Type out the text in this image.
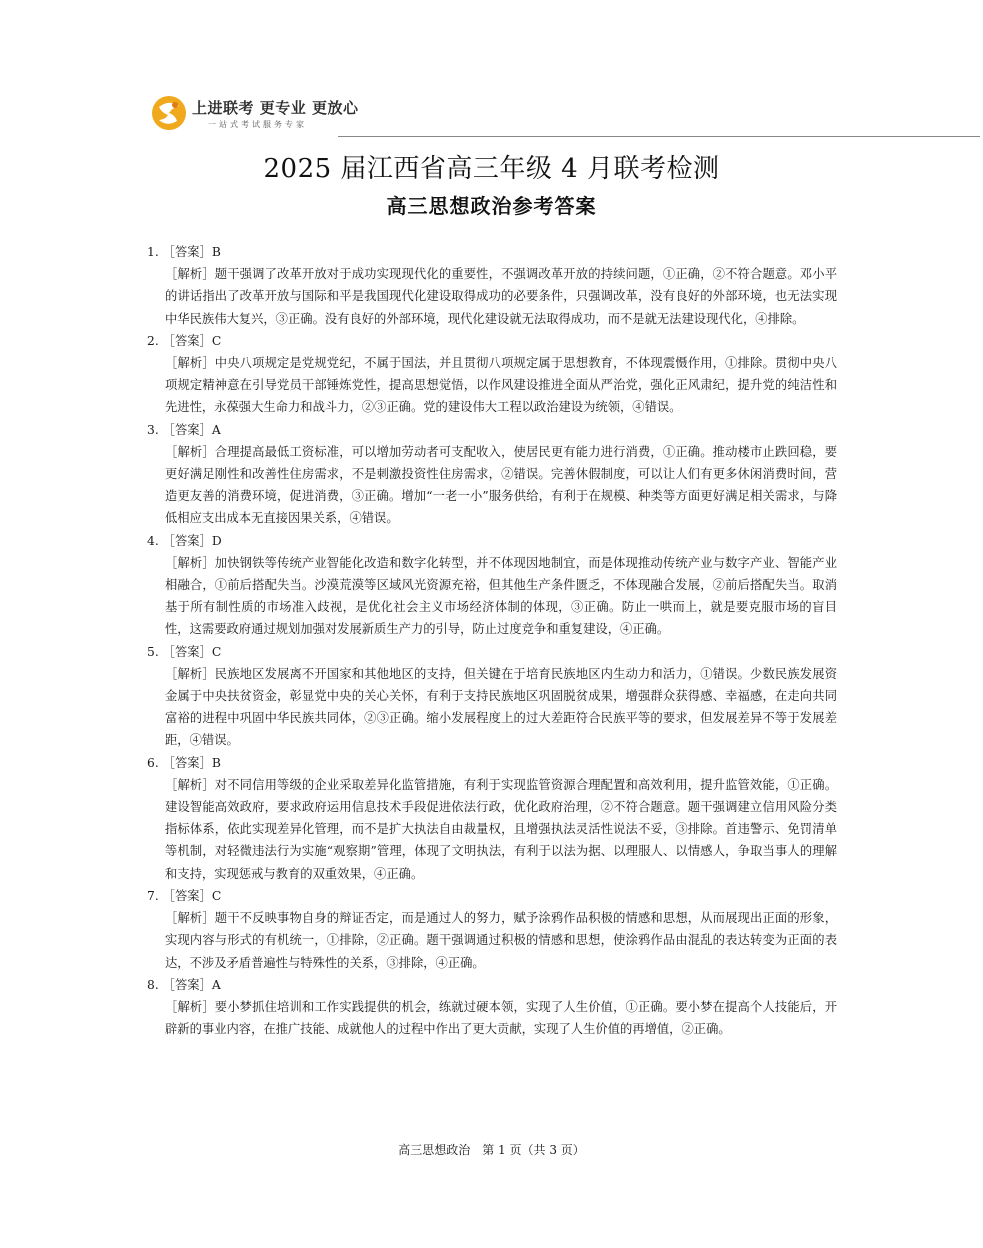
上进联考 更专业 更放心
一站式考试服务专家
2025 届江西省高三年级 4 月联考检测
高三思想政治参考答案
1. ［答案］B
［解析］题干强调了改革开放对于成功实现现代化的重要性，不强调改革开放的持续问题，①正确，②不符合题意。邓小平的讲话指出了改革开放与国际和平是我国现代化建设取得成功的必要条件，只强调改革，没有良好的外部环境，也无法实现中华民族伟大复兴，③正确。没有良好的外部环境，现代化建设就无法取得成功，而不是就无法建设现代化，④排除。
2. ［答案］C
［解析］中央八项规定是党规党纪，不属于国法，并且贯彻八项规定属于思想教育，不体现震慑作用，①排除。贯彻中央八项规定精神意在引导党员干部锤炼党性，提高思想觉悟，以作风建设推进全面从严治党，强化正风肃纪，提升党的纯洁性和先进性，永葆强大生命力和战斗力，②③正确。党的建设伟大工程以政治建设为统领，④错误。
3. ［答案］A
［解析］合理提高最低工资标准，可以增加劳动者可支配收入，使居民更有能力进行消费，①正确。推动楼市止跌回稳，要更好满足刚性和改善性住房需求，不是刺激投资性住房需求，②错误。完善休假制度，可以让人们有更多休闲消费时间，营造更友善的消费环境，促进消费，③正确。增加“一老一小”服务供给，有利于在规模、种类等方面更好满足相关需求，与降低相应支出成本无直接因果关系，④错误。
4. ［答案］D
［解析］加快钢铁等传统产业智能化改造和数字化转型，并不体现因地制宜，而是体现推动传统产业与数字产业、智能产业相融合，①前后搭配失当。沙漠荒漠等区域风光资源充裕，但其他生产条件匮乏，不体现融合发展，②前后搭配失当。取消基于所有制性质的市场准入歧视，是优化社会主义市场经济体制的体现，③正确。防止一哄而上，就是要克服市场的盲目性，这需要政府通过规划加强对发展新质生产力的引导，防止过度竞争和重复建设，④正确。
5. ［答案］C
［解析］民族地区发展离不开国家和其他地区的支持，但关键在于培育民族地区内生动力和活力，①错误。少数民族发展资金属于中央扶贫资金，彰显党中央的关心关怀，有利于支持民族地区巩固脱贫成果，增强群众获得感、幸福感，在走向共同富裕的进程中巩固中华民族共同体，②③正确。缩小发展程度上的过大差距符合民族平等的要求，但发展差异不等于发展差距，④错误。
6. ［答案］B
［解析］对不同信用等级的企业采取差异化监管措施，有利于实现监管资源合理配置和高效利用，提升监管效能，①正确。建设智能高效政府，要求政府运用信息技术手段促进依法行政，优化政府治理，②不符合题意。题干强调建立信用风险分类指标体系，依此实现差异化管理，而不是扩大执法自由裁量权，且增强执法灵活性说法不妥，③排除。首违警示、免罚清单等机制，对轻微违法行为实施“观察期”管理，体现了文明执法，有利于以法为据、以理服人、以情感人，争取当事人的理解和支持，实现惩戒与教育的双重效果，④正确。
7. ［答案］C
［解析］题干不反映事物自身的辩证否定，而是通过人的努力，赋予涂鸦作品积极的情感和思想，从而展现出正面的形象，实现内容与形式的有机统一，①排除，②正确。题干强调通过积极的情感和思想，使涂鸦作品由混乱的表达转变为正面的表达，不涉及矛盾普遍性与特殊性的关系，③排除，④正确。
8. ［答案］A
［解析］要小梦抓住培训和工作实践提供的机会，练就过硬本领，实现了人生价值，①正确。要小梦在提高个人技能后，开辟新的事业内容，在推广技能、成就他人的过程中作出了更大贡献，实现了人生价值的再增值，②正确。
高三思想政治　第 1 页（共 3 页）
